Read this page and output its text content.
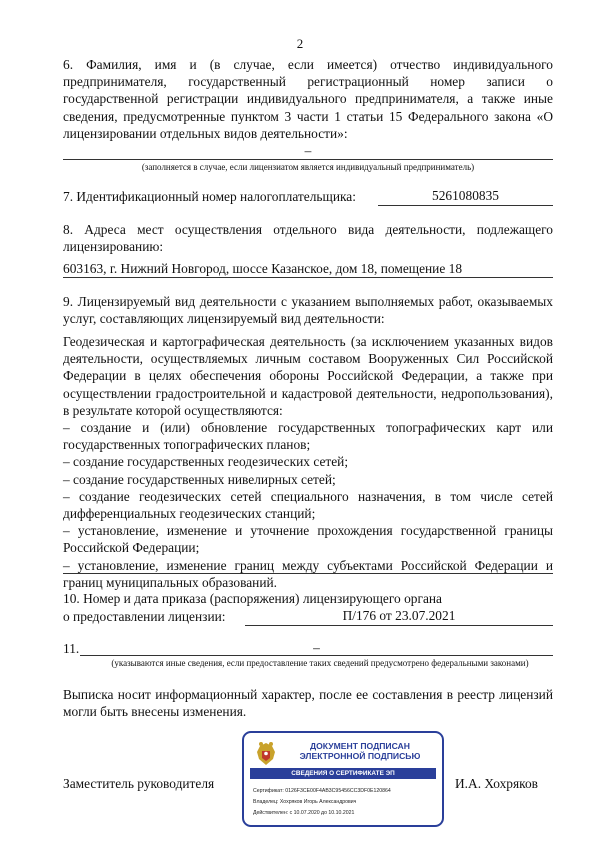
2

6. Фамилия, имя и (в случае, если имеется) отчество индивидуального предпринимателя, государственный регистрационный номер записи о государственной регистрации индивидуального предпринимателя, а также иные сведения, предусмотренные пунктом 3 части 1 статьи 15 Федерального закона «О лицензировании отдельных видов деятельности»:

–
(заполняется в случае, если лицензиатом является индивидуальный предприниматель)
7. Идентификационный номер налогоплательщика:	5261080835
8. Адреса мест осуществления отдельного вида деятельности, подлежащего лицензированию:
603163, г. Нижний Новгород, шоссе Казанское, дом 18, помещение 18
9. Лицензируемый вид деятельности с указанием выполняемых работ, оказываемых услуг, составляющих лицензируемый вид деятельности:

Геодезическая и картографическая деятельность (за исключением указанных видов деятельности, осуществляемых личным составом Вооруженных Сил Российской Федерации в целях обеспечения обороны Российской Федерации, а также при осуществлении градостроительной и кадастровой деятельности, недропользования), в результате которой осуществляются:

– создание и (или) обновление государственных топографических карт или государственных топографических планов;

– создание государственных геодезических сетей;

– создание государственных нивелирных сетей;

– создание геодезических сетей специального назначения, в том числе сетей дифференциальных геодезических станций;

– установление, изменение и уточнение прохождения государственной границы Российской Федерации;

– установление, изменение границ между субъектами Российской Федерации и границ муниципальных образований.

10. Номер и дата приказа (распоряжения) лицензирующего органа
о предоставлении лицензии:	П/176 от 23.07.2021
11.	–
(указываются иные сведения, если предоставление таких сведений предусмотрено федеральными законами)
Выписка носит информационный характер, после ее составления в реестр лицензий могли быть внесены изменения.
Заместитель руководителя	И.А. Хохряков
ДОКУМЕНТ ПОДПИСАН
ЭЛЕКТРОННОЙ ПОДПИСЬЮ
СВЕДЕНИЯ О СЕРТИФИКАТЕ ЭП
Сертификат: 0126F3CE00F4AB3C95456CC3DF0E120864
Владелец: Хохряков Игорь Александрович
Действителен: с 10.07.2020 до 10.10.2021
